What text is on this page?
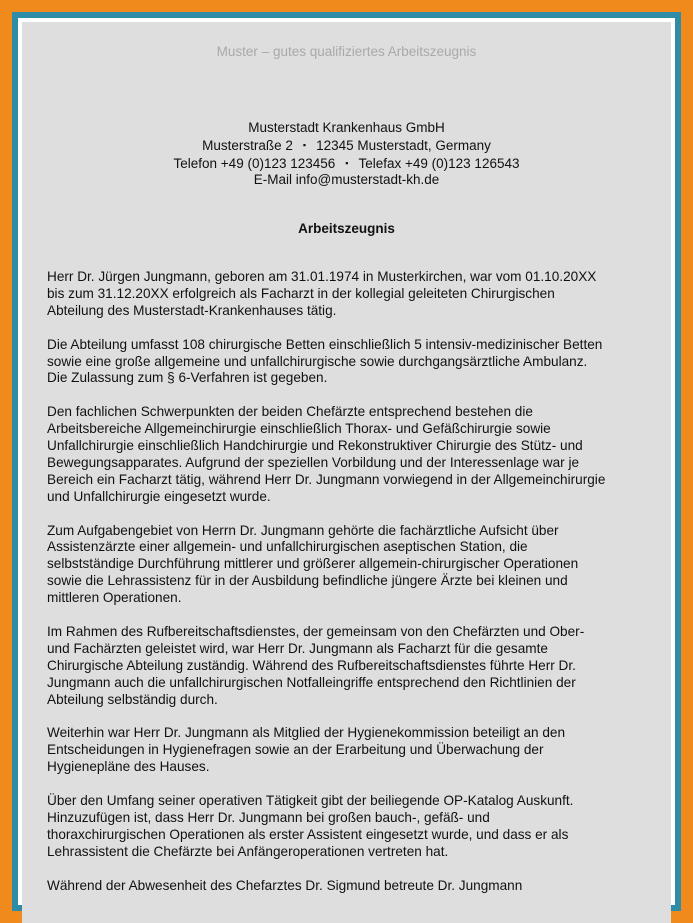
Muster – gutes qualifiziertes Arbeitszeugnis
Musterstadt Krankenhaus GmbH
Musterstraße 2 ▪ 12345 Musterstadt, Germany
Telefon +49 (0)123 123456 ▪ Telefax +49 (0)123 126543
E-Mail info@musterstadt-kh.de
Arbeitszeugnis

Herr Dr. Jürgen Jungmann, geboren am 31.01.1974 in Musterkirchen, war vom 01.10.20XX
bis zum 31.12.20XX erfolgreich als Facharzt in der kollegial geleiteten Chirurgischen
Abteilung des Musterstadt-Krankenhauses tätig.

Die Abteilung umfasst 108 chirurgische Betten einschließlich 5 intensiv-medizinischer Betten
sowie eine große allgemeine und unfallchirurgische sowie durchgangsärztliche Ambulanz.
Die Zulassung zum § 6-Verfahren ist gegeben.

Den fachlichen Schwerpunkten der beiden Chefärzte entsprechend bestehen die
Arbeitsbereiche Allgemeinchirurgie einschließlich Thorax- und Gefäßchirurgie sowie
Unfallchirurgie einschließlich Handchirurgie und Rekonstruktiver Chirurgie des Stütz- und
Bewegungsapparates. Aufgrund der speziellen Vorbildung und der Interessenlage war je
Bereich ein Facharzt tätig, während Herr Dr. Jungmann vorwiegend in der Allgemeinchirurgie
und Unfallchirurgie eingesetzt wurde.

Zum Aufgabengebiet von Herrn Dr. Jungmann gehörte die fachärztliche Aufsicht über
Assistenzärzte einer allgemein- und unfallchirurgischen aseptischen Station, die
selbstständige Durchführung mittlerer und größerer allgemein-chirurgischer Operationen
sowie die Lehrassistenz für in der Ausbildung befindliche jüngere Ärzte bei kleinen und
mittleren Operationen.

Im Rahmen des Rufbereitschaftsdienstes, der gemeinsam von den Chefärzten und Ober-
und Fachärzten geleistet wird, war Herr Dr. Jungmann als Facharzt für die gesamte
Chirurgische Abteilung zuständig. Während des Rufbereitschaftsdienstes führte Herr Dr.
Jungmann auch die unfallchirurgischen Notfalleingriffe entsprechend den Richtlinien der
Abteilung selbständig durch.

Weiterhin war Herr Dr. Jungmann als Mitglied der Hygienekommission beteiligt an den
Entscheidungen in Hygienefragen sowie an der Erarbeitung und Überwachung der
Hygienepläne des Hauses.

Über den Umfang seiner operativen Tätigkeit gibt der beiliegende OP-Katalog Auskunft.
Hinzuzufügen ist, dass Herr Dr. Jungmann bei großen bauch-, gefäß- und
thoraxchirurgischen Operationen als erster Assistent eingesetzt wurde, und dass er als
Lehrassistent die Chefärzte bei Anfängeroperationen vertreten hat.

Während der Abwesenheit des Chefarztes Dr. Sigmund betreute Dr. Jungmann
